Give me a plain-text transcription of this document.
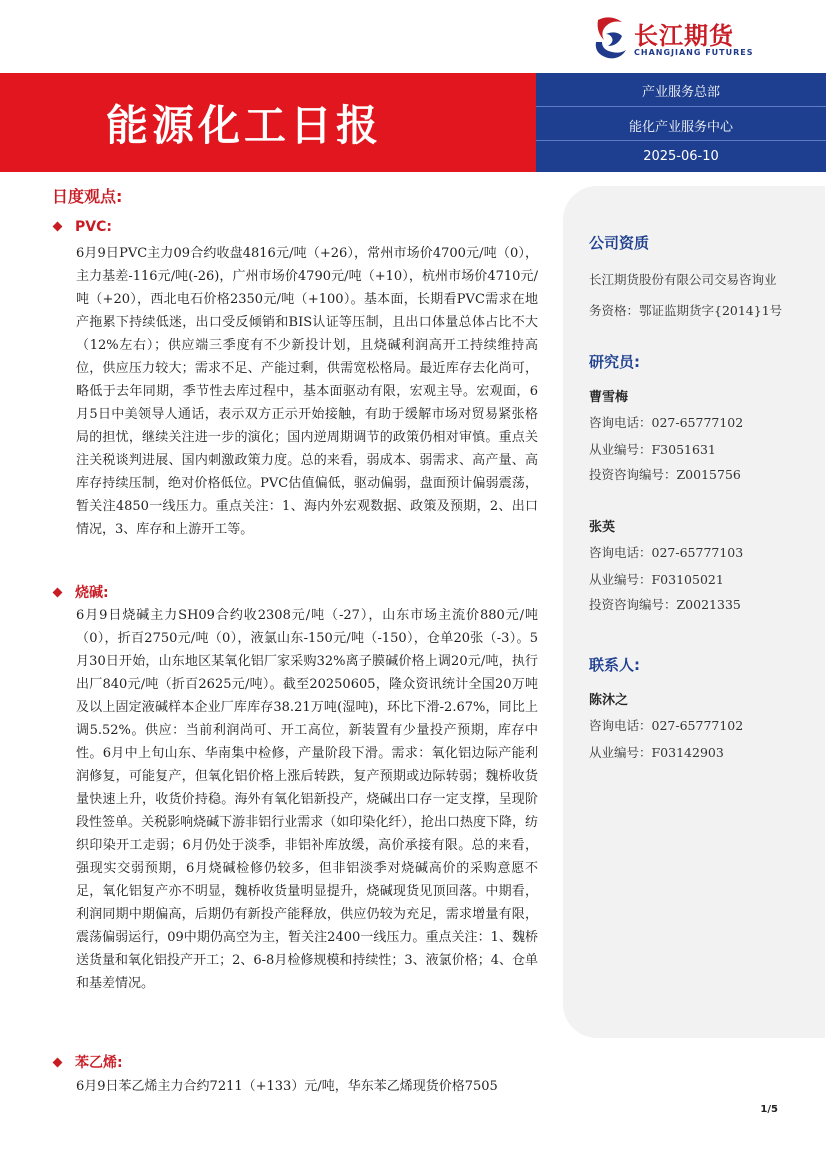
长江期货
CHANGJIANG FUTURES
能源化工日报
产业服务总部
能化产业服务中心
2025-06-10
日度观点:
PVC:
6月9日PVC主力09合约收盘4816元/吨（+26），常州市场价4700元/吨（0），主力基差-116元/吨(-26)，广州市场价4790元/吨（+10），杭州市场价4710元/吨（+20），西北电石价格2350元/吨（+100）。基本面，长期看PVC需求在地产拖累下持续低迷，出口受反倾销和BIS认证等压制，且出口体量总体占比不大（12%左右）；供应端三季度有不少新投计划，且烧碱利润高开工持续维持高位，供应压力较大；需求不足、产能过剩，供需宽松格局。最近库存去化尚可，略低于去年同期，季节性去库过程中，基本面驱动有限，宏观主导。宏观面，6月5日中美领导人通话，表示双方正示开始接触，有助于缓解市场对贸易紧张格局的担忧，继续关注进一步的演化；国内逆周期调节的政策仍相对审慎。重点关注关税谈判进展、国内刺激政策力度。总的来看，弱成本、弱需求、高产量、高库存持续压制，绝对价格低位。PVC估值偏低，驱动偏弱，盘面预计偏弱震荡，暂关注4850一线压力。重点关注：1、海内外宏观数据、政策及预期，2、出口情况，3、库存和上游开工等。
烧碱:
6月9日烧碱主力SH09合约收2308元/吨（-27），山东市场主流价880元/吨（0），折百2750元/吨（0），液氯山东-150元/吨（-150），仓单20张（-3）。5月30日开始，山东地区某氧化铝厂家采购32%离子膜碱价格上调20元/吨，执行出厂840元/吨（折百2625元/吨）。截至20250605，隆众资讯统计全国20万吨及以上固定液碱样本企业厂库库存38.21万吨(湿吨)，环比下滑-2.67%，同比上调5.52%。供应：当前利润尚可、开工高位，新装置有少量投产预期，库存中性。6月中上旬山东、华南集中检修，产量阶段下滑。需求：氧化铝边际产能利润修复，可能复产，但氧化铝价格上涨后转跌，复产预期或边际转弱；魏桥收货量快速上升，收货价持稳。海外有氧化铝新投产，烧碱出口存一定支撑，呈现阶段性签单。关税影响烧碱下游非铝行业需求（如印染化纤），抢出口热度下降，纺织印染开工走弱；6月仍处于淡季，非铝补库放缓，高价承接有限。总的来看，强现实交弱预期，6月烧碱检修仍较多，但非铝淡季对烧碱高价的采购意愿不足，氧化铝复产亦不明显，魏桥收货量明显提升，烧碱现货见顶回落。中期看，利润同期中期偏高，后期仍有新投产能释放，供应仍较为充足，需求增量有限，震荡偏弱运行，09中期仍高空为主，暂关注2400一线压力。重点关注：1、魏桥送货量和氧化铝投产开工；2、6-8月检修规模和持续性；3、液氯价格；4、仓单和基差情况。
苯乙烯:
6月9日苯乙烯主力合约7211（+133）元/吨，华东苯乙烯现货价格7505
公司资质
长江期货股份有限公司交易咨询业
务资格：鄂证监期货字{2014}1号
研究员:
曹雪梅
咨询电话：027-65777102
从业编号：F3051631
投资咨询编号：Z0015756
张英
咨询电话：027-65777103
从业编号：F03105021
投资咨询编号：Z0021335
联系人:
陈沐之
咨询电话：027-65777102
从业编号：F03142903
1/5
